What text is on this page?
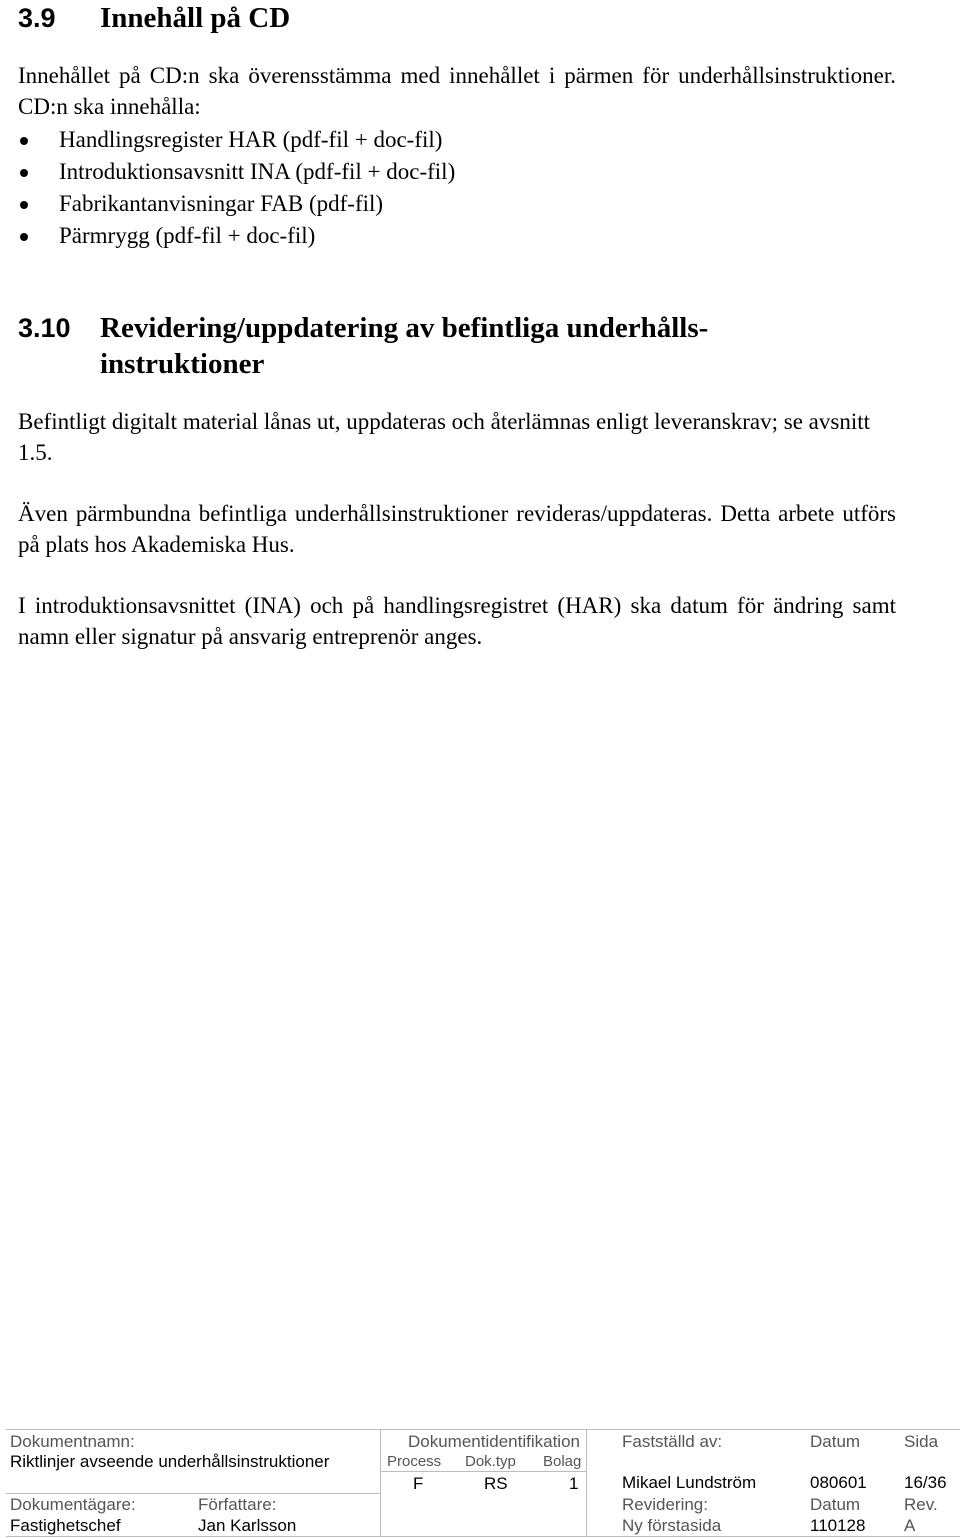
3.9 Innehåll på CD

Innehållet på CD:n ska överensstämma med innehållet i pärmen för underhållsinstruktioner. CD:n ska innehålla:

Handlingsregister HAR (pdf-fil + doc-fil)
Introduktionsavsnitt INA (pdf-fil + doc-fil)
Fabrikantanvisningar FAB (pdf-fil)
Pärmrygg (pdf-fil + doc-fil)
3.10 Revidering/uppdatering av befintliga underhålls-instruktioner

Befintligt digitalt material lånas ut, uppdateras och återlämnas enligt leveranskrav; se avsnitt 1.5.

Även pärmbundna befintliga underhållsinstruktioner revideras/uppdateras. Detta arbete utförs på plats hos Akademiska Hus.

I introduktionsavsnittet (INA) och på handlingsregistret (HAR) ska datum för ändring samt namn eller signatur på ansvarig entreprenör anges.

Dokumentnamn:
Riktlinjer avseende underhållsinstruktioner
Dokumentidentifikation
Process Dok.typ Bolag
F	RS	1
Fastställd av:
Mikael Lundström
Datum
080601
Sida
16/36
Dokumentägare:
Fastighetschef
Författare:
Jan Karlsson
Revidering:
Ny förstasida
Datum
110128
Rev.
A
